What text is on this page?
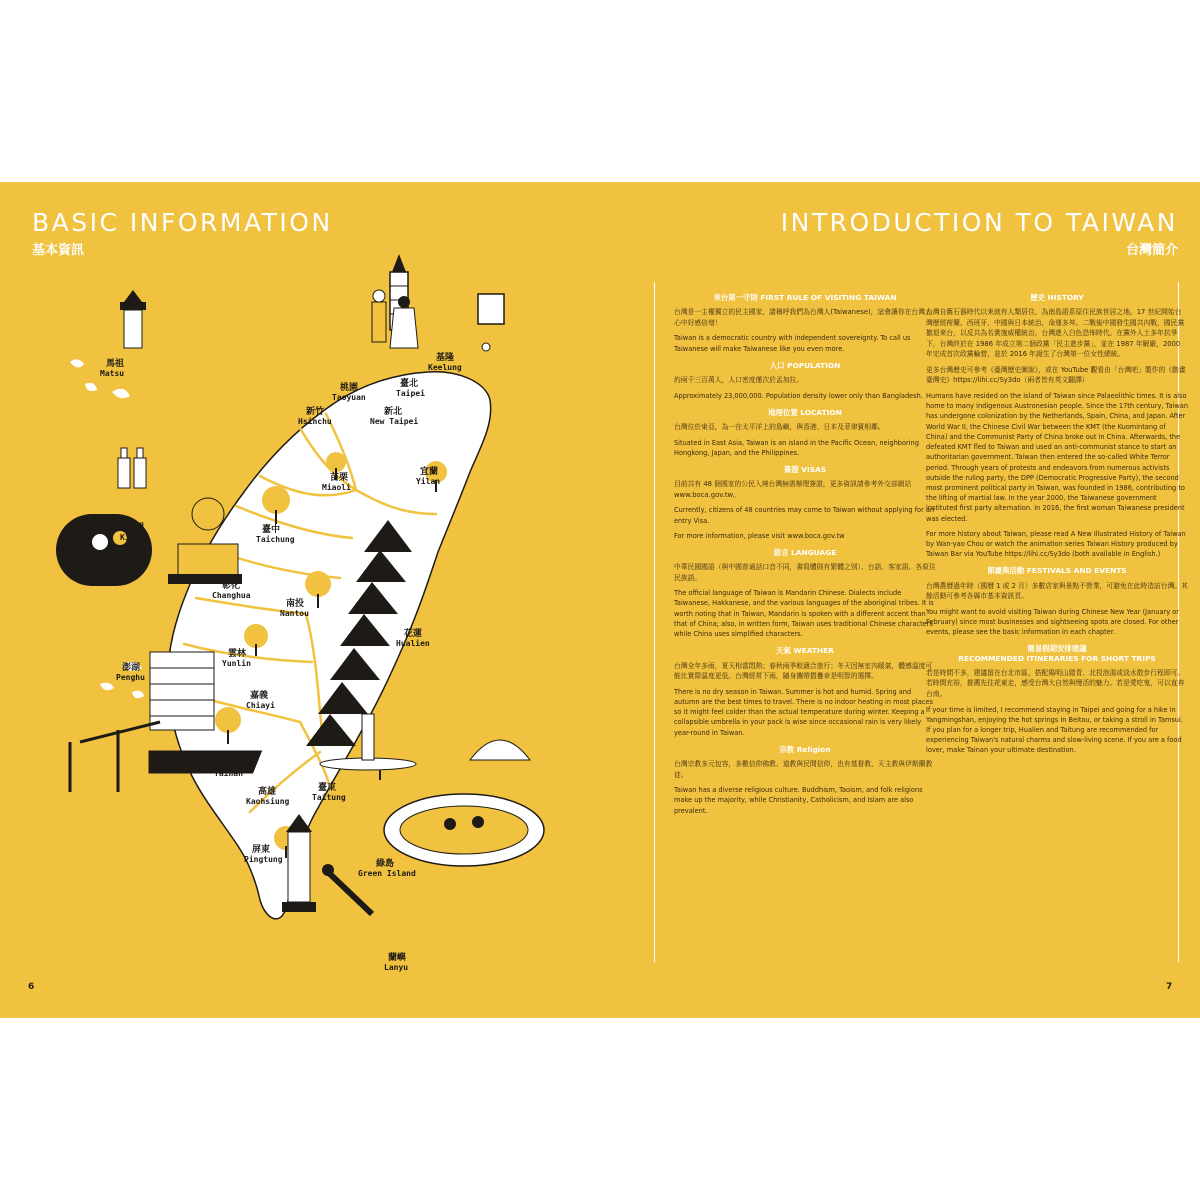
BASIC INFORMATION
基本資訊
馬祖
Matsu
金門
Kinmen
澎湖
Penghu
基隆
Keelung
臺北
Taipei
桃園
Taoyuan
新北
New Taipei
新竹
Hsinchu
苗栗
Miaoli
宜蘭
Yilan
臺中
Taichung
彰化
Changhua
南投
Nantou
花蓮
Hualien
雲林
Yunlin
嘉義
Chiayi
臺南
Tainan
高雄
Kaohsiung
臺東
Taitung
屏東
Pingtung	綠島
Green Island
蘭嶼
Lanyu
6
INTRODUCTION TO TAIWAN
台灣簡介
來台第一守則 FIRST RULE OF VISITING TAIWAN
台灣是一主權獨立的民主國家，請稱呼我們為台灣人(Taiwanese)，這會讓你在台灣人心中好感倍增！
Taiwan is a democratic country with independent sovereignty. To call us Taiwanese will make Taiwanese like you even more.
人口 POPULATION
約兩千三百萬人，人口密度僅次於孟加拉。
Approximately 23,000,000. Population density lower only than Bangladesh.
地理位置 LOCATION
台灣位於東亞，為一在太平洋上的島嶼，與香港、日本及菲律賓相鄰。
Situated in East Asia, Taiwan is an island in the Pacific Ocean, neighboring Hongkong, Japan, and the Philippines.
簽證 VISAS
目前共有 48 個國家的公民入境台灣無需辦理簽證，更多資訊請參考外交部網站 www.boca.gov.tw。
Currently, citizens of 48 countries may come to Taiwan without applying for an entry Visa.
For more information, please visit www.boca.gov.tw
語言 LANGUAGE
中華民國國語（與中國普通話口音不同，書寫體則有繁體之別）、台語、客家語、各原住民族語。
The official language of Taiwan is Mandarin Chinese. Dialects include Taiwanese, Hakkanese, and the various languages of the aboriginal tribes. It is worth noting that in Taiwan, Mandarin is spoken with a different accent than that of China; also, in written form, Taiwan uses traditional Chinese characters while China uses simplified characters.
天氣 WEATHER
台灣全年多雨，夏天相當悶熱；春秋兩季較適合旅行；冬天因無室內暖氣，體感溫度可能比實際溫度更低。台灣經常下雨，隨身攜帶摺疊傘是明智的選擇。
There is no dry season in Taiwan. Summer is hot and humid. Spring and autumn are the best times to travel. There is no indoor heating in most places so it might feel colder than the actual temperature during winter. Keeping a collapsible umbrella in your pack is wise since occasional rain is very likely year-round in Taiwan.
宗教 Religion
台灣宗教多元包容，多數信仰佛教、道教與民間信仰，也有基督教、天主教與伊斯蘭教徒。
Taiwan has a diverse religious culture. Buddhism, Taoism, and folk religions make up the majority, while Christianity, Catholicism, and Islam are also prevalent.
歷史 HISTORY
台灣自舊石器時代以來就有人類居住，為南島語系原住民族世居之地。17 世紀開始台灣歷經荷蘭、西班牙、中國與日本統治，命運多舛。二戰後中國發生國共內戰，國民黨撤退來台，以反共為名實施威權統治，台灣進入白色恐怖時代。在黨外人士多年抗爭下，台灣終於在 1986 年成立第二個政黨「民主進步黨」，並在 1987 年解嚴，2000 年完成首次政黨輪替，並於 2016 年誕生了台灣第一位女性總統。
更多台灣歷史可參考《臺灣歷史圖說》，或在 YouTube 觀看由「台灣吧」製作的《動畫臺灣史》https://lihi.cc/Sy3do（兩者皆有英文翻譯）
Humans have resided on the island of Taiwan since Palaeolithic times. It is also home to many indigenous Austronesian people. Since the 17th century, Taiwan has undergone colonization by the Netherlands, Spain, China, and Japan. After World War II, the Chinese Civil War between the KMT (the Kuomintang of China) and the Communist Party of China broke out in China. Afterwards, the defeated KMT fled to Taiwan and used an anti-communist stance to start an authoritarian government. Taiwan then entered the so-called White Terror period. Through years of protests and endeavors from numerous activists outside the ruling party, the DPP (Democratic Progressive Party), the second most prominent political party in Taiwan, was founded in 1986, contributing to the lifting of martial law. In the year 2000, the Taiwanese government instituted first party alternation. In 2016, the first woman Taiwanese president was elected.
For more history about Taiwan, please read A New Illustrated History of Taiwan by Wan-yao Chou or watch the animation series Taiwan History produced by Taiwan Bar via YouTube https://lihi.cc/Sy3do (both available in English.)
節慶與活動 FESTIVALS AND EVENTS
台灣農曆過年時（國曆 1 或 2 月）多數店家與景點不營業，可避免在此時造訪台灣。其餘活動可參考各縣市基本資訊頁。
You might want to avoid visiting Taiwan during Chinese New Year (January or February) since most businesses and sightseeing spots are closed. For other events, please see the basic information in each chapter.
簡易假期安排建議
RECOMMENDED ITINERARIES FOR SHORT TRIPS
若是時間不多，建議留在台北市區，搭配陽明山踏青、北投泡湯或淡水散步行程即可。若時間充裕，推薦先往花東走，感受台灣大自然與慢活的魅力。若是愛吃鬼，可以直奔台南。
If your time is limited, I recommend staying in Taipei and going for a hike in Yangmingshan, enjoying the hot springs in Beitou, or taking a stroll in Tamsui. If you plan for a longer trip, Hualien and Taitung are recommended for experiencing Taiwan's natural charms and slow-living scene. If you are a food lover, make Tainan your ultimate destination.
7
